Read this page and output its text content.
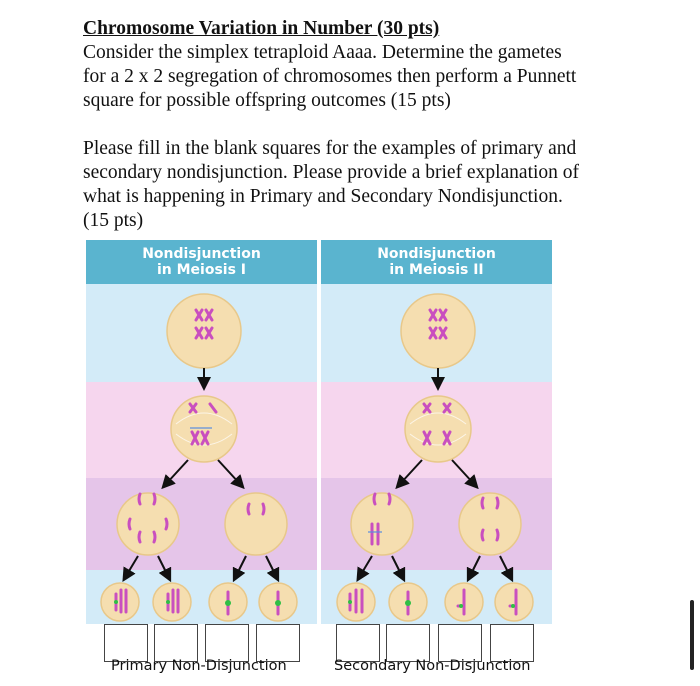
Chromosome Variation in Number (30 pts)
Consider the simplex tetraploid Aaaa. Determine the gametes
for a 2 x 2 segregation of chromosomes then perform a Punnett
square for possible offspring outcomes (15 pts)
Please fill in the blank squares for the examples of primary and
secondary nondisjunction. Please provide a brief explanation of
what is happening in Primary and Secondary Nondisjunction.
(15 pts)
Nondisjunction
in Meiosis I
Nondisjunction
in Meiosis II
Primary Non-Disjunction	Secondary Non-Disjunction
